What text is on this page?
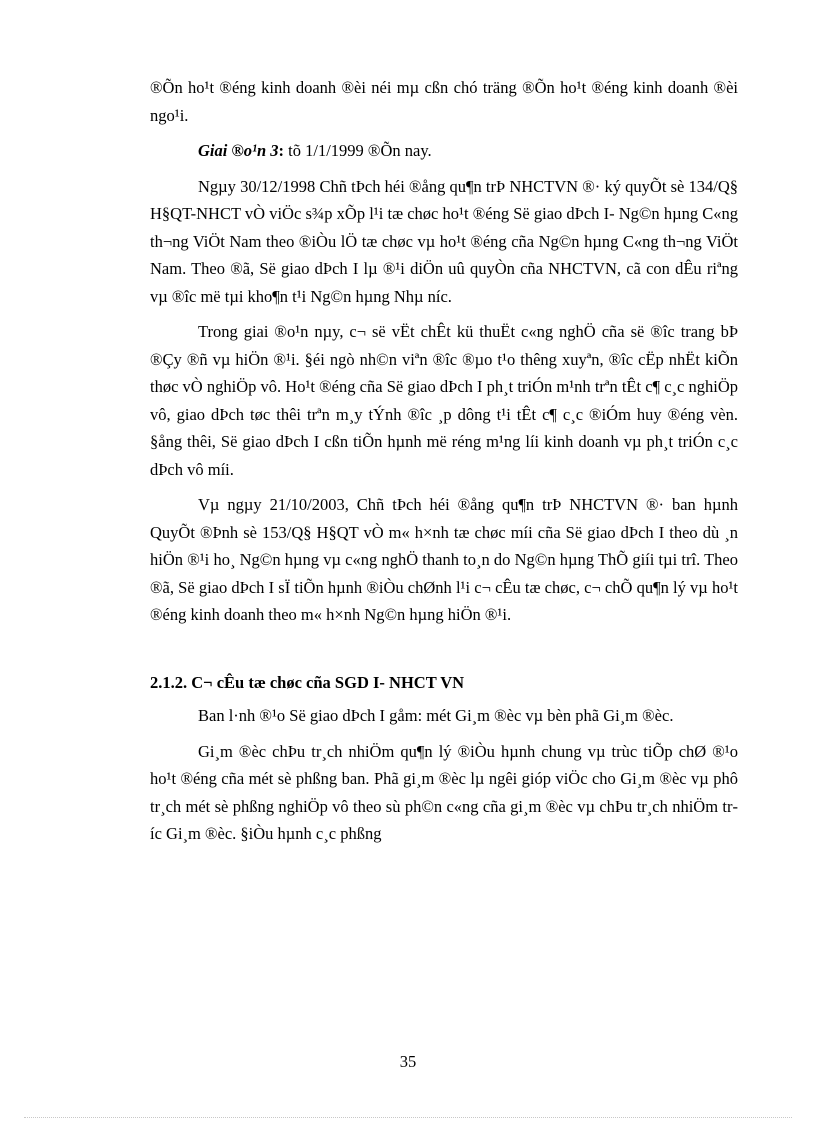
®Õn ho¹t ®éng kinh doanh ®èi néi mµ cßn chó träng ®Õn ho¹t ®éng kinh doanh ®èi ngo¹i.

Giai ®o¹n 3: tõ 1/1/1999 ®Õn nay.

Ngµy 30/12/1998 Chñ tÞch héi ®ång qu¶n trÞ NHCTVN ®· ký quyÕt sè 134/Q§ H§QT-NHCT vÒ viÖc s¾p xÕp l¹i tæ chøc ho¹t ®éng Së giao dÞch I- Ng©n hµng C«ng th¬ng ViÖt Nam theo ®iÒu lÖ tæ chøc vµ ho¹t ®éng cña Ng©n hµng C«ng th¬ng ViÖt Nam. Theo ®ã, Së giao dÞch I lµ ®¹i diÖn uû quyÒn cña NHCTVN, cã con dÊu riªng vµ ®îc më tµi kho¶n t¹i Ng©n hµng Nhµ níc.

Trong giai ®o¹n nµy, c¬ së vËt chÊt kü thuËt c«ng nghÖ cña së ®îc trang bÞ ®Çy ®ñ vµ hiÖn ®¹i. §éi ngò nh©n viªn ®îc ®µo t¹o thêng xuyªn, ®îc cËp nhËt kiÕn thøc vÒ nghiÖp vô. Ho¹t ®éng cña Së giao dÞch I ph¸t triÓn m¹nh trªn tÊt c¶ c¸c nghiÖp vô, giao dÞch tøc thêi trªn m¸y tÝnh ®îc ¸p dông t¹i tÊt c¶ c¸c ®iÓm huy ®éng vèn. §ång thêi, Së giao dÞch I cßn tiÕn hµnh më réng m¹ng líi kinh doanh vµ ph¸t triÓn c¸c dÞch vô míi.

Vµ ngµy 21/10/2003, Chñ tÞch héi ®ång qu¶n trÞ NHCTVN ®· ban hµnh QuyÕt ®Þnh sè 153/Q§ H§QT vÒ m« h×nh tæ chøc míi cña Së giao dÞch I theo dù ¸n hiÖn ®¹i ho¸ Ng©n hµng vµ c«ng nghÖ thanh to¸n do Ng©n hµng ThÕ giíi tµi trî. Theo ®ã, Së giao dÞch I sÏ tiÕn hµnh ®iÒu chØnh l¹i c¬ cÊu tæ chøc, c¬ chÕ qu¶n lý vµ ho¹t ®éng kinh doanh theo m« h×nh Ng©n hµng hiÖn ®¹i.

2.1.2. C¬ cÊu tæ chøc cña SGD I- NHCT VN

Ban l·nh ®¹o Së giao dÞch I gåm: mét Gi¸m ®èc vµ bèn phã Gi¸m ®èc.

Gi¸m ®èc chÞu tr¸ch nhiÖm qu¶n lý ®iÒu hµnh chung vµ trùc tiÕp chØ ®¹o ho¹t ®éng cña mét sè phßng ban. Phã gi¸m ®èc lµ ngêi gióp viÖc cho Gi¸m ®èc vµ phô tr¸ch mét sè phßng nghiÖp vô theo sù ph©n c«ng cña gi¸m ®èc vµ chÞu tr¸ch nhiÖm tríc Gi¸m ®èc. §iÒu hµnh c¸c phßng

35
